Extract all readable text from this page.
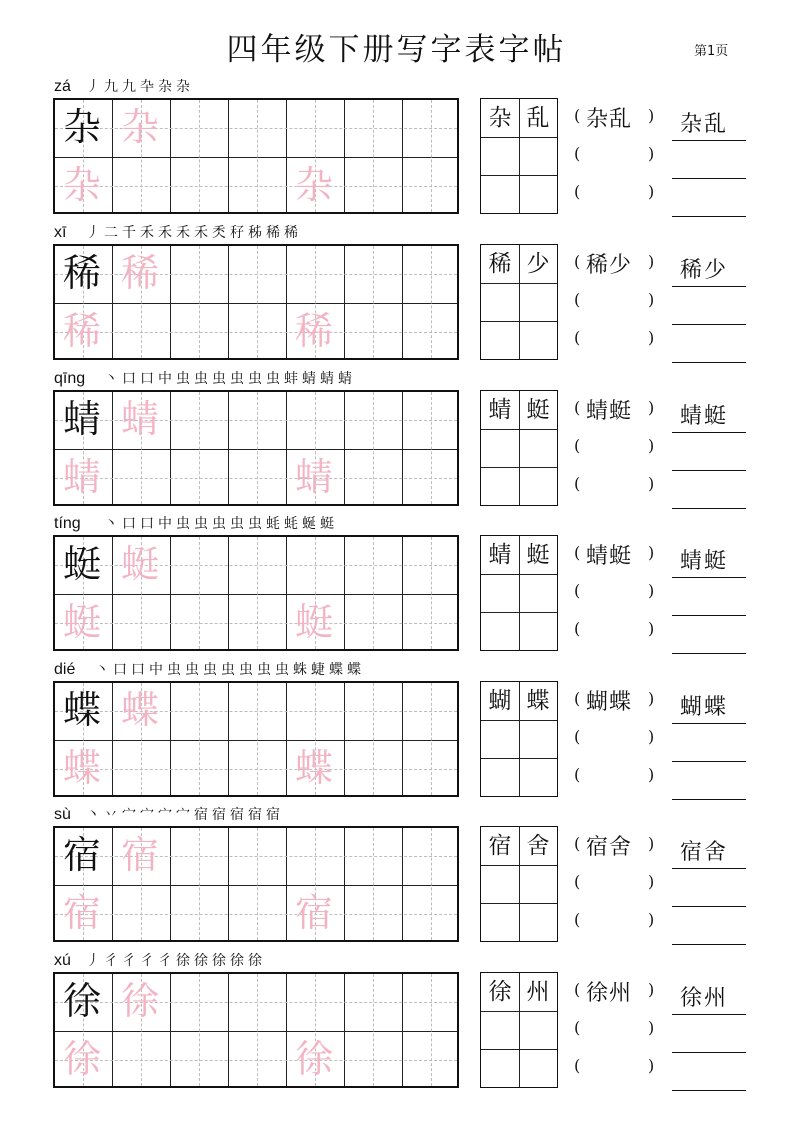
四年级下册写字表字帖	第1页
zá 丿 九 九 卆 杂 杂
杂 杂
杂	杂
杂 乱	(	)
杂乱 杂乱
(	)
(	)
xī 丿 二 千 禾 禾 禾 禾 秂 秄 秭 稀 稀
稀 稀
稀	稀
稀 少	(	)
稀少 稀少
(	)
(	)
qīng 丶 口 口 中 虫 虫 虫 虫 虫 虫 蚌 蜻 蜻 蜻
蜻 蜻
蜻	蜻
蜻 蜓	(	)
蜻蜓 蜻蜓
(	)
(	)
tíng 丶 口 口 中 虫 虫 虫 虫 虫 蚝 蚝 蜒 蜓
蜓 蜓
蜓	蜓
蜻 蜓	(	)
蜻蜓 蜻蜓
(	)
(	)
dié 丶 口 口 中 虫 虫 虫 虫 虫 虫 虫 蛛 蜨 蝶 蝶
蝶 蝶
蝶	蝶
蝴 蝶	(	)
蝴蝶 蝴蝶
(	)
(	)
sù 丶 丷 宀 宀 宀 宀 宿 宿 宿 宿 宿
宿 宿
宿	宿
宿 舍	(	)
宿舍 宿舍
(	)
(	)
xú 丿 彳 彳 彳 彳 徐 徐 徐 徐 徐
徐 徐
徐	徐
徐 州	(	)
徐州 徐州
(	)
(	)
